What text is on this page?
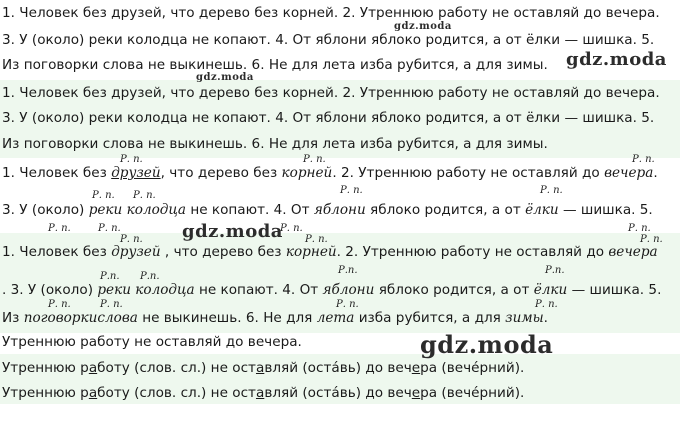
1. Человек без друзей, что дерево без корней. 2. Утреннюю работу не оставляй до вечера.
3. У (около) реки колодца не копают. 4. От яблони яблоко родится, а от ёлки — шишка. 5.
Из поговорки слова не выкинешь. 6. Не для лета изба рубится, а для зимы.
1. Человек без друзей, что дерево без корней. 2. Утреннюю работу не оставляй до вечера.
3. У (около) реки колодца не копают. 4. От яблони яблоко родится, а от ёлки — шишка. 5.
Из поговорки слова не выкинешь. 6. Не для лета изба рубится, а для зимы.
Р. п.	Р. п.	Р. п.
1. Человек без друзей, что дерево без корней. 2. Утреннюю работу не оставляй до вечера.
Р. п. Р. п.	Р. п.	Р. п.
3. У (около) реки колодца не копают. 4. От яблони яблоко родится, а от ёлки — шишка. 5.
Р. п.	Р. п.	Р. п.	Р. п.
Р. п.	Р. п.	Р. п.
1. Человек без друзей , что дерево без корней. 2. Утреннюю работу не оставляй до вечера
Р.п. Р.п.
Р.п.	Р.п.
. 3. У (около) реки колодца не копают. 4. От яблони яблоко родится, а от ёлки — шишка. 5.
Р. п.	Р. п.	Р. п.	Р. п.
Из поговоркислова не выкинешь. 6. Не для лета изба рубится, а для зимы.
Утреннюю работу не оставляй до вечера.
Утреннюю работу (слов. сл.) не оставляй (оста́вь) до вечера (вечéрний).
Утреннюю работу (слов. сл.) не оставляй (оста́вь) до вечера (вечéрний).
gdz.moda
gdz.moda
gdz.moda
gdz.moda
gdz.moda
